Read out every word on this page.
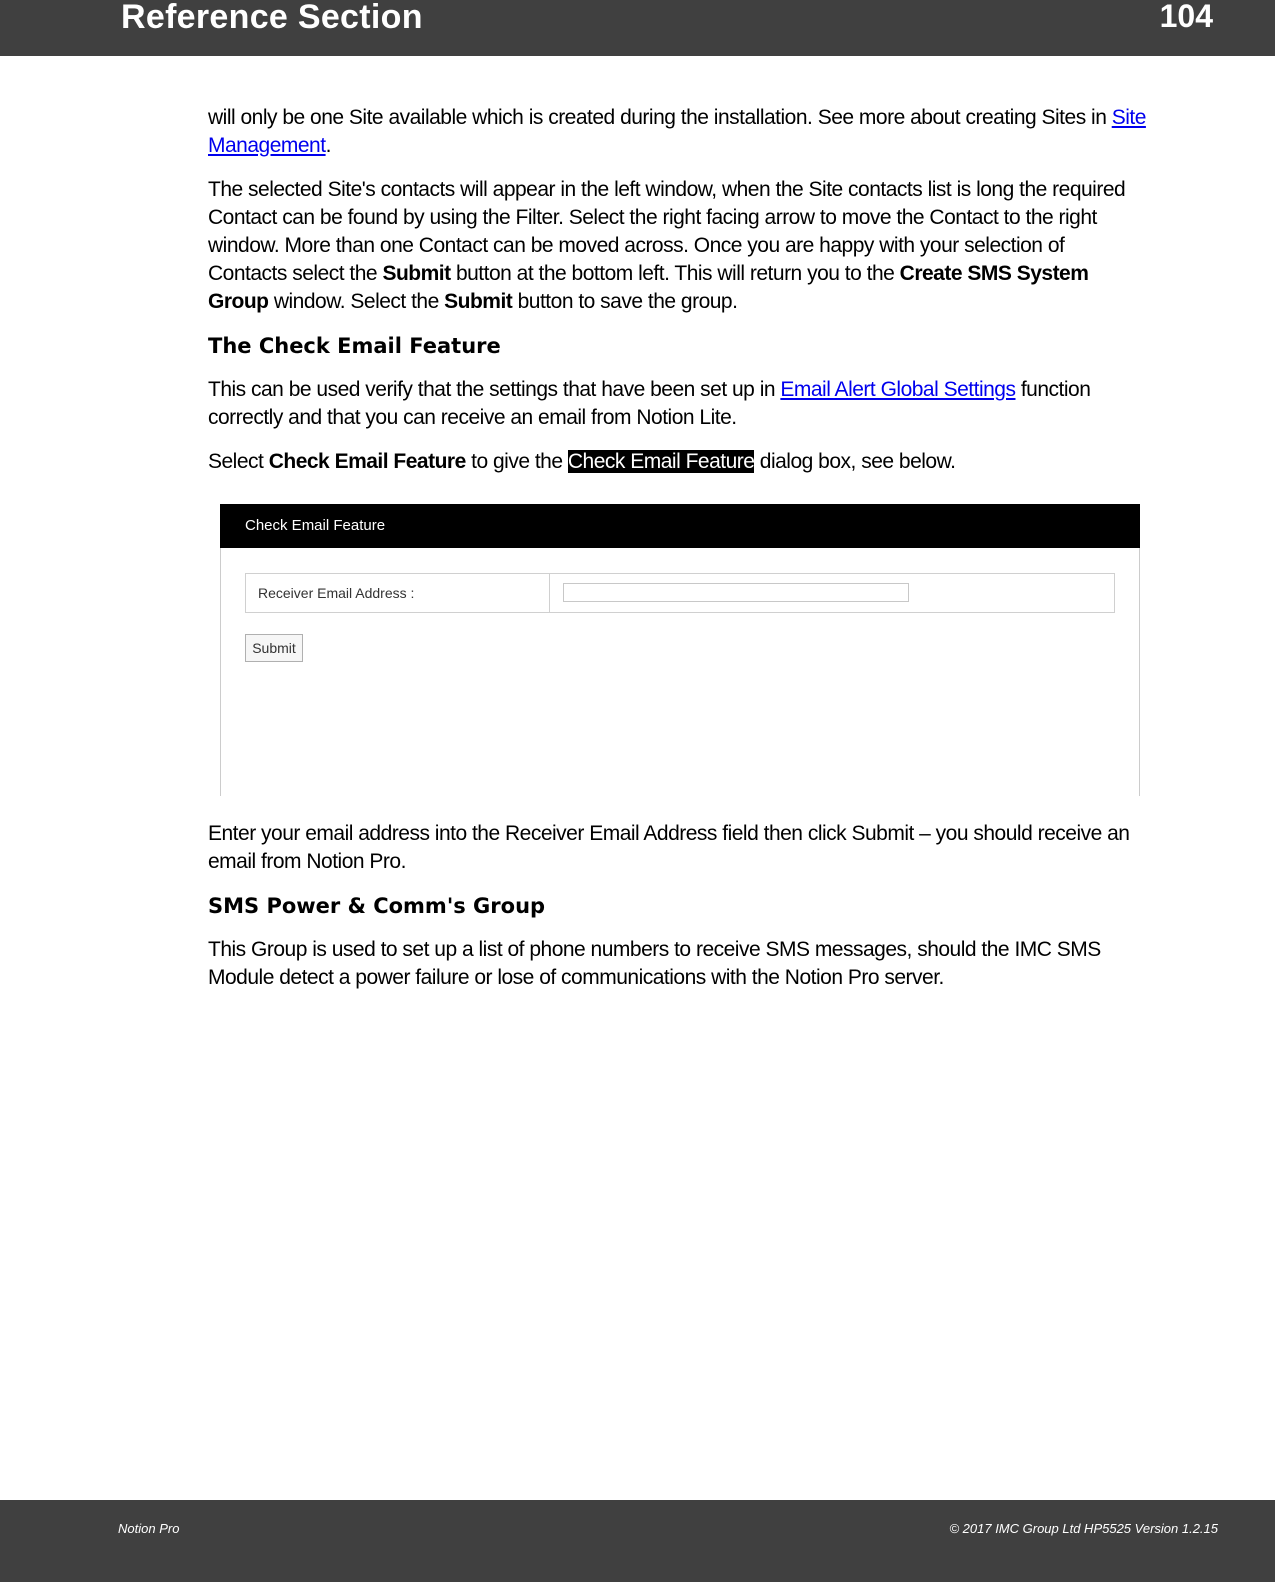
Reference Section	104

will only be one Site available which is created during the installation. See more about creating Sites in Site Management.

The selected Site's contacts will appear in the left window, when the Site contacts list is long the required Contact can be found by using the Filter. Select the right facing arrow to move the Contact to the right window. More than one Contact can be moved across. Once you are happy with your selection of Contacts select the Submit button at the bottom left. This will return you to the Create SMS System Group window. Select the Submit button to save the group.

The Check Email Feature

This can be used verify that the settings that have been set up in Email Alert Global Settings function correctly and that you can receive an email from Notion Lite.

Select Check Email Feature to give the Check Email Feature dialog box, see below.

Check Email Feature
Receiver Email Address :
Submit

Enter your email address into the Receiver Email Address field then click Submit – you should receive an email from Notion Pro.

SMS Power & Comm's Group

This Group is used to set up a list of phone numbers to receive SMS messages, should the IMC SMS Module detect a power failure or lose of communications with the Notion Pro server.

Notion Pro	© 2017 IMC Group Ltd HP5525 Version 1.2.15
